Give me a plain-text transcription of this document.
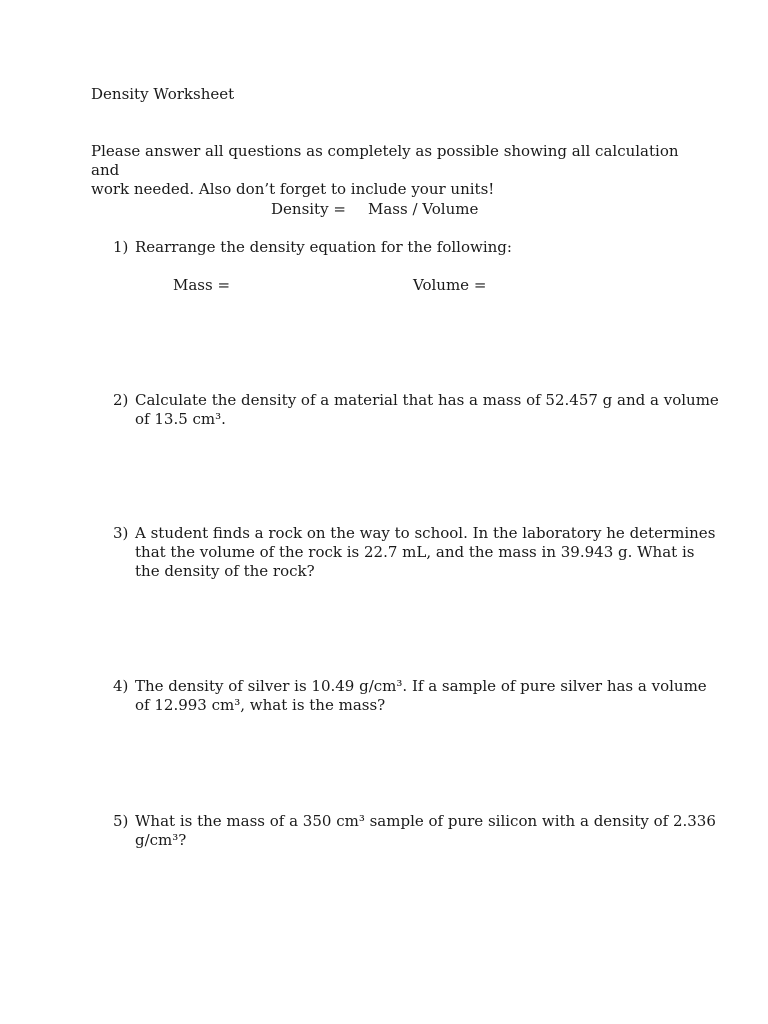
Density Worksheet
Please answer all questions as completely as possible showing all calculation and
work needed. Also don’t forget to include your units!
Density = Mass / Volume
1) Rearrange the density equation for the following:
Mass =	Volume =
2) Calculate the density of a material that has a mass of 52.457 g and a volume
of 13.5 cm³.
3) A student finds a rock on the way to school. In the laboratory he determines
that the volume of the rock is 22.7 mL, and the mass in 39.943 g. What is
the density of the rock?
4) The density of silver is 10.49 g/cm³. If a sample of pure silver has a volume
of 12.993 cm³, what is the mass?
5) What is the mass of a 350 cm³ sample of pure silicon with a density of 2.336
g/cm³?
